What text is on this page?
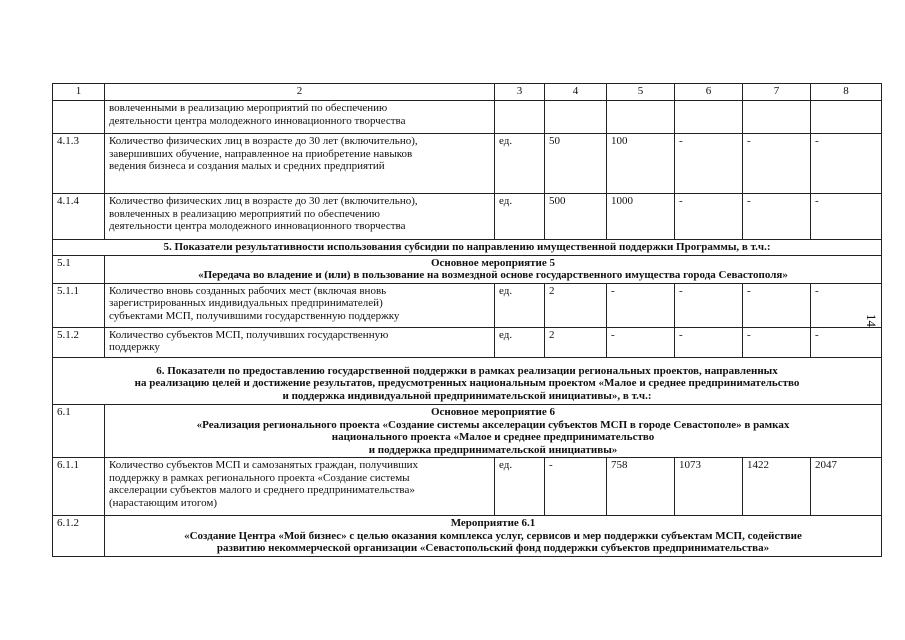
1	2	3	4	5	6	7	8

	вовлеченными в реализацию мероприятий по обеспечению
деятельности центра молодежного инновационного творчества						

4.1.3	Количество физических лиц в возрасте до 30 лет (включительно),
завершивших обучение, направленное на приобретение навыков
ведения бизнеса и создания малых и средних предприятий	ед.	50	100	-	-	-
4.1.4	Количество физических лиц в возрасте до 30 лет (включительно),
вовлеченных в реализацию мероприятий по обеспечению
деятельности центра молодежного инновационного творчества	ед.	500	1000	-	-	-
5. Показатели результативности использования субсидии по направлению имущественной поддержки Программы, в т.ч.:							
5.1	Основное мероприятие 5
«Передача во владение и (или) в пользование на возмездной основе государственного имущества города Севастополя»						

5.1.1	Количество вновь созданных рабочих мест (включая вновь
зарегистрированных индивидуальных предпринимателей)
субъектами МСП, получившими государственную поддержку	ед.	2	-	-	-	-
5.1.2	Количество субъектов МСП, получивших государственную
поддержку	ед.	2	-	-	-	-

6. Показатели по предоставлению государственной поддержки в рамках реализации региональных проектов, направленных
на реализацию целей и достижение результатов, предусмотренных национальным проектом «Малое и среднее предпринимательство
и поддержка индивидуальной предпринимательской инициативы», в т.ч.:							

6.1	Основное мероприятие 6
«Реализация регионального проекта «Создание системы акселерации субъектов МСП в городе Севастополе» в рамках
национального проекта «Малое и среднее предпринимательство
и поддержка предпринимательской инициативы»						

6.1.1	Количество субъектов МСП и самозанятых граждан, получивших
поддержку в рамках регионального проекта «Создание системы
акселерации субъектов малого и среднего предпринимательства»
(нарастающим итогом)	ед.	-	758	1073	1422	2047
6.1.2	Мероприятие 6.1
«Создание Центра «Мой бизнес» с целью оказания комплекса услуг, сервисов и мер поддержки субъектам МСП, содействие
развитию некоммерческой организации «Севастопольский фонд поддержки субъектов предпринимательства»						
14
